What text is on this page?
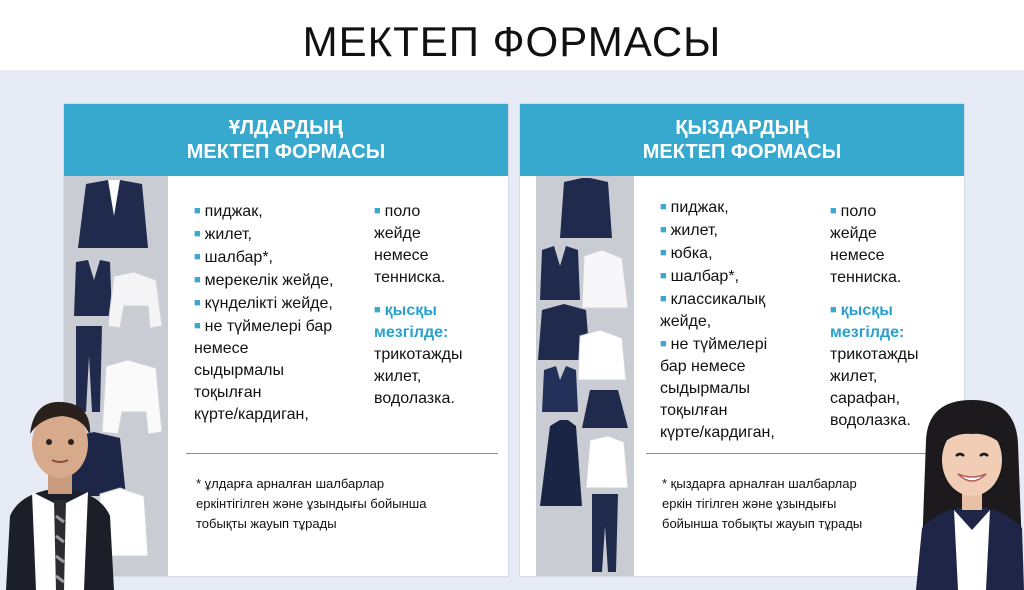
МЕКТЕП ФОРМАСЫ
ҰЛДАРДЫҢ
МЕКТЕП ФОРМАСЫ
■ пиджак,
■ жилет,
■ шалбар*,
■ мерекелік жейде,
■ күнделікті жейде,
■ не түймелері бар
немесе
сыдырмалы
тоқылған
күрте/кардиган,
■ поло
жейде
немесе
тенниска.
■ қысқы
мезгілде:
трикотажды
жилет,
водолазка.
* ұлдарға арналған шалбарлар
еркінтігілген және ұзындығы бойынша
тобықты жауып тұрады
ҚЫЗДАРДЫҢ
МЕКТЕП ФОРМАСЫ
■ пиджак,
■ жилет,
■ юбка,
■ шалбар*,
■ классикалық
жейде,
■ не түймелері
бар немесе
сыдырмалы
тоқылған
күрте/кардиган,
■ поло
жейде
немесе
тенниска.
■ қысқы
мезгілде:
трикотажды
жилет,
сарафан,
водолазка.
* қыздарға арналған шалбарлар
еркін тігілген және ұзындығы
бойынша тобықты жауып тұрады
